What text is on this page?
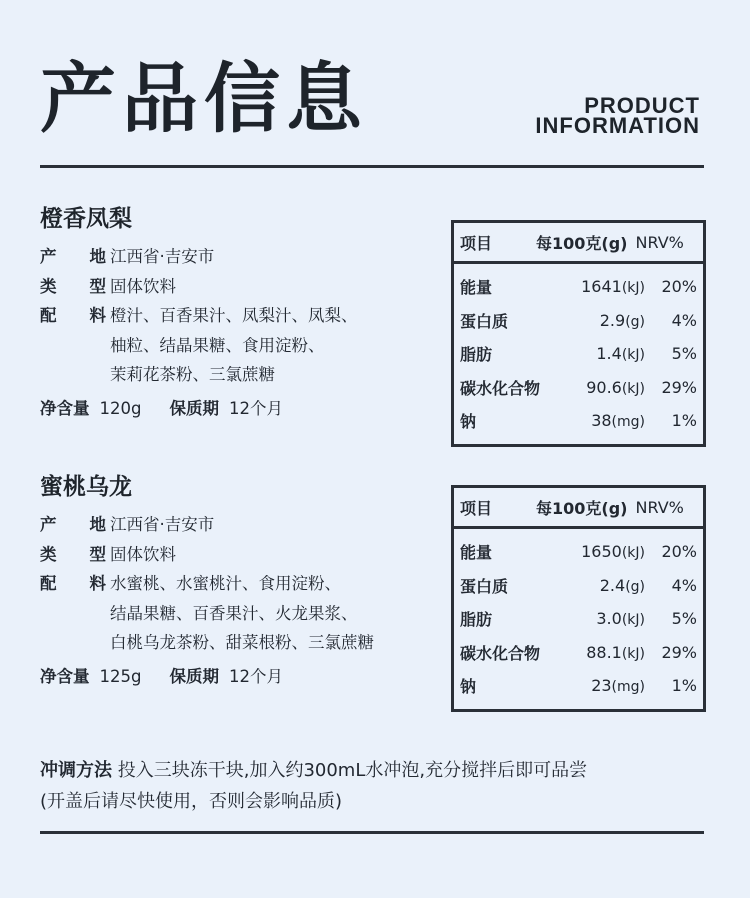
产品信息	PRODUCT
INFORMATION
橙香凤梨
产 地 江西省·吉安市
类 型 固体饮料
配 料 橙汁、百香果汁、凤梨汁、凤梨、
柚粒、结晶果糖、食用淀粉、
茉莉花茶粉、三氯蔗糖
净含量 120g 保质期 12个月
项目	每100克(g) NRV%
能量	1641(kJ)	20%
蛋白质	2.9(g)	4%
脂肪	1.4(kJ)	5%
碳水化合物	90.6(kJ)	29%
钠	38(mg)	1%
蜜桃乌龙
产 地 江西省·吉安市
类 型 固体饮料
配 料 水蜜桃、水蜜桃汁、食用淀粉、
结晶果糖、百香果汁、火龙果浆、
白桃乌龙茶粉、甜菜根粉、三氯蔗糖
净含量 125g 保质期 12个月
项目	每100克(g) NRV%
能量	1650(kJ)	20%
蛋白质	2.4(g)	4%
脂肪	3.0(kJ)	5%
碳水化合物	88.1(kJ)	29%
钠	23(mg)	1%
冲调方法 投入三块冻干块,加入约300mL水冲泡,充分搅拌后即可品尝
(开盖后请尽快使用，否则会影响品质)
